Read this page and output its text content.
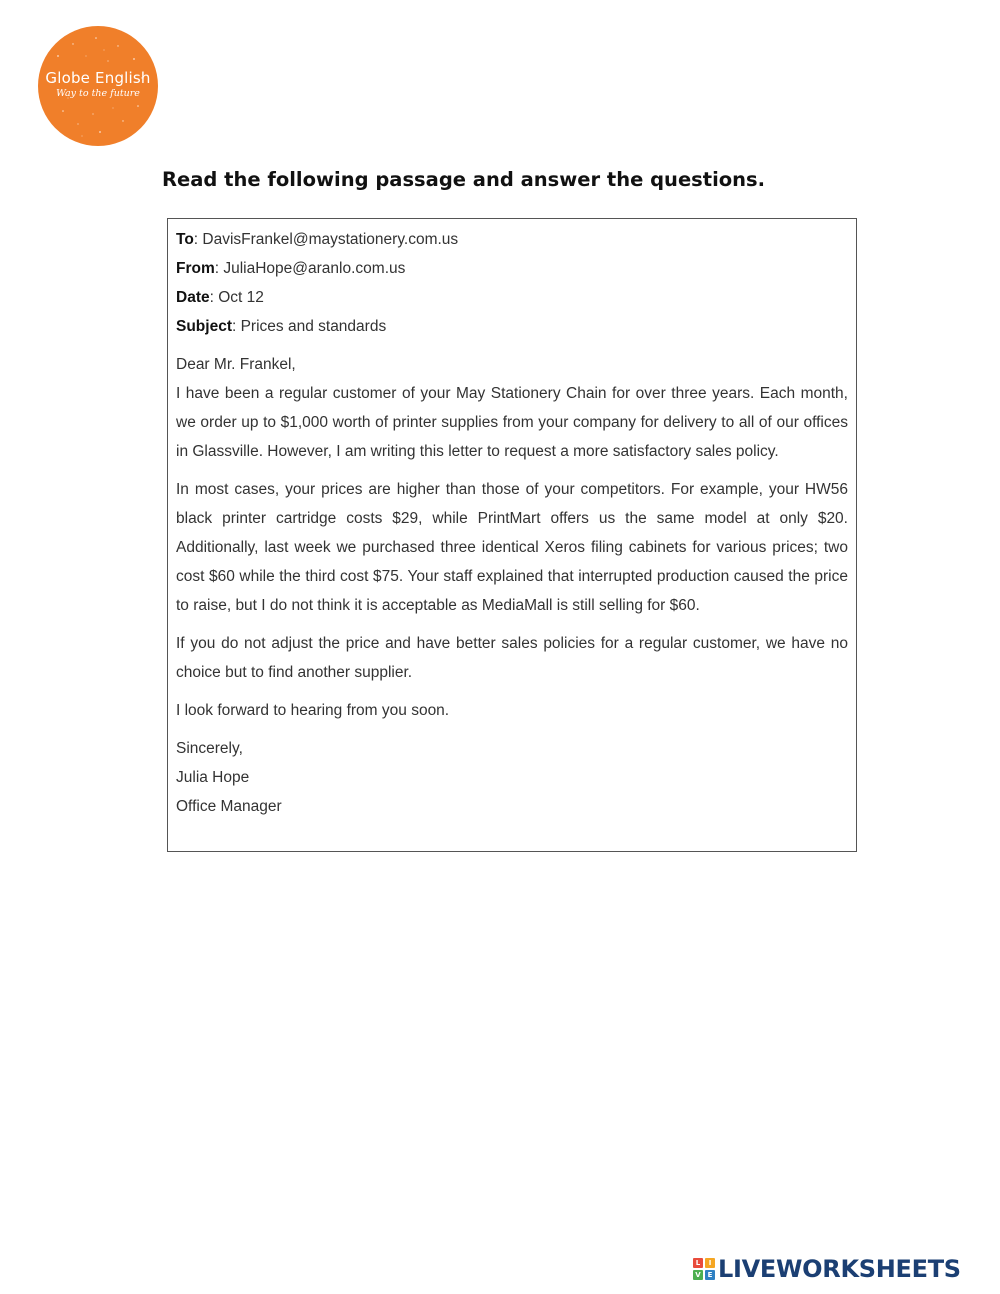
Globe English
Way to the future
Read the following passage and answer the questions.
To: DavisFrankel@maystationery.com.us
From: JuliaHope@aranlo.com.us
Date: Oct 12
Subject: Prices and standards
Dear Mr. Frankel,

I have been a regular customer of your May Stationery Chain for over three years. Each month, we order up to $1,000 worth of printer supplies from your company for delivery to all of our offices in Glassville. However, I am writing this letter to request a more satisfactory sales policy.

In most cases, your prices are higher than those of your competitors. For example, your HW56 black printer cartridge costs $29, while PrintMart offers us the same model at only $20. Additionally, last week we purchased three identical Xeros filing cabinets for various prices; two cost $60 while the third cost $75. Your staff explained that interrupted production caused the price to raise, but I do not think it is acceptable as MediaMall is still selling for $60.

If you do not adjust the price and have better sales policies for a regular customer, we have no choice but to find another supplier.

I look forward to hearing from you soon.

Sincerely,
Julia Hope
Office Manager
L	I
V E LIVEWORKSHEETS
